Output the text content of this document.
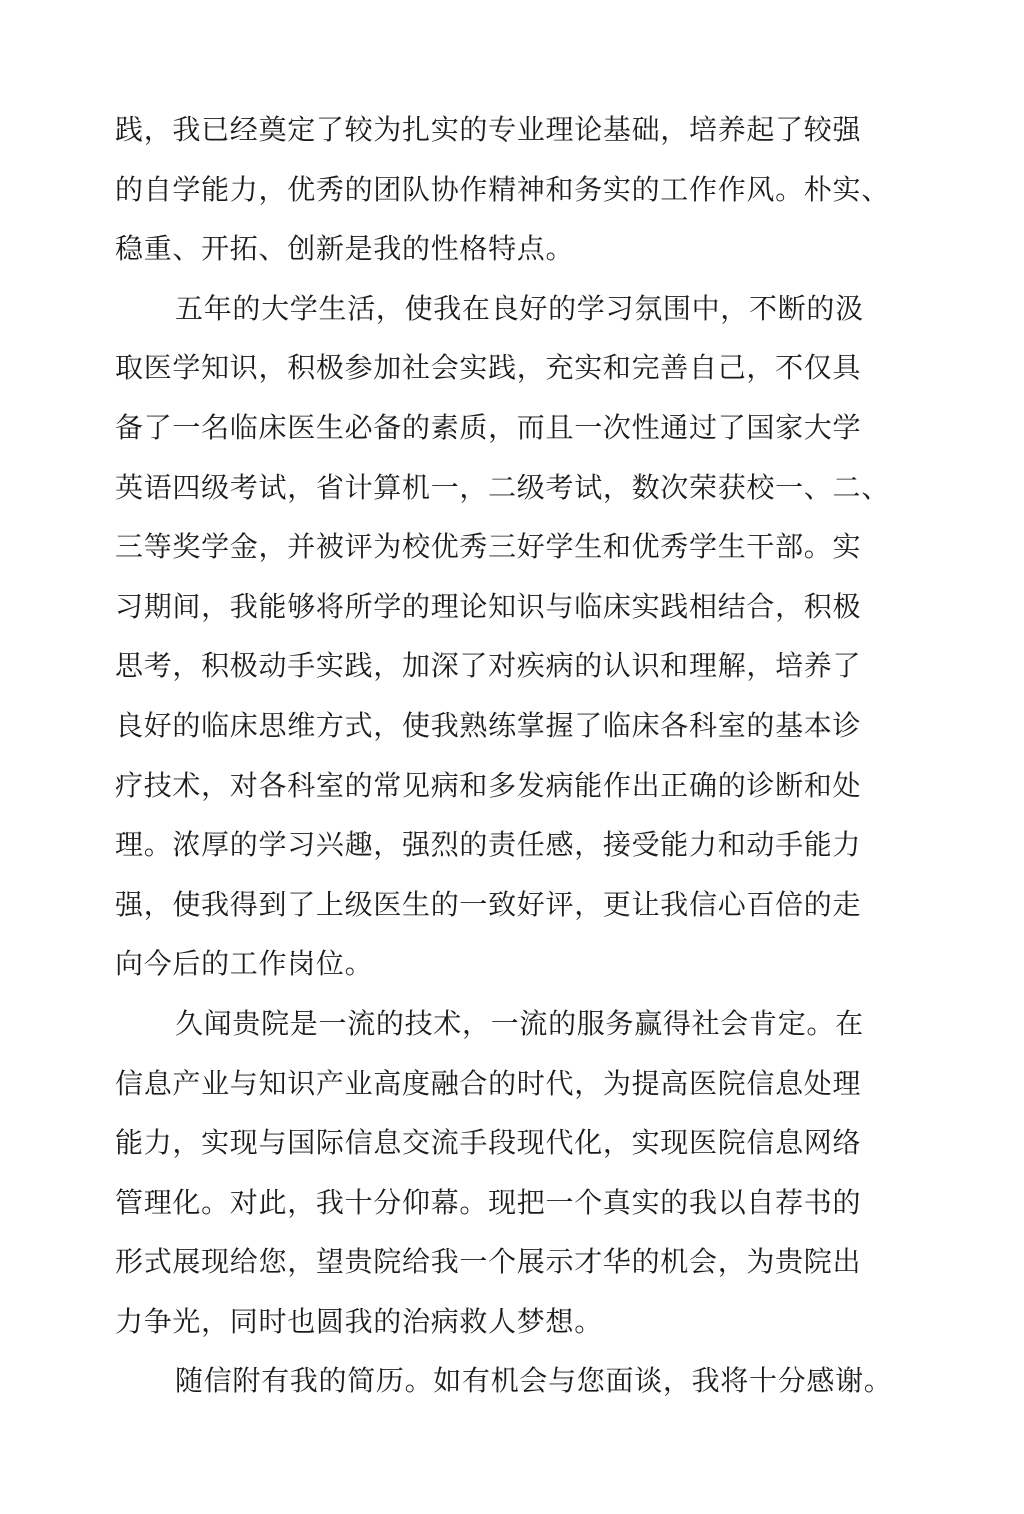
践，我已经奠定了较为扎实的专业理论基础，培养起了较强
的自学能力，优秀的团队协作精神和务实的工作作风。朴实、
稳重、开拓、创新是我的性格特点。
五年的大学生活，使我在良好的学习氛围中，不断的汲
取医学知识，积极参加社会实践，充实和完善自己，不仅具
备了一名临床医生必备的素质，而且一次性通过了国家大学
英语四级考试，省计算机一，二级考试，数次荣获校一、二、
三等奖学金，并被评为校优秀三好学生和优秀学生干部。实
习期间，我能够将所学的理论知识与临床实践相结合，积极
思考，积极动手实践，加深了对疾病的认识和理解，培养了
良好的临床思维方式，使我熟练掌握了临床各科室的基本诊
疗技术，对各科室的常见病和多发病能作出正确的诊断和处
理。浓厚的学习兴趣，强烈的责任感，接受能力和动手能力
强，使我得到了上级医生的一致好评，更让我信心百倍的走
向今后的工作岗位。
久闻贵院是一流的技术，一流的服务赢得社会肯定。在
信息产业与知识产业高度融合的时代，为提高医院信息处理
能力，实现与国际信息交流手段现代化，实现医院信息网络
管理化。对此，我十分仰幕。现把一个真实的我以自荐书的
形式展现给您，望贵院给我一个展示才华的机会，为贵院出
力争光，同时也圆我的治病救人梦想。
随信附有我的简历。如有机会与您面谈，我将十分感谢。
